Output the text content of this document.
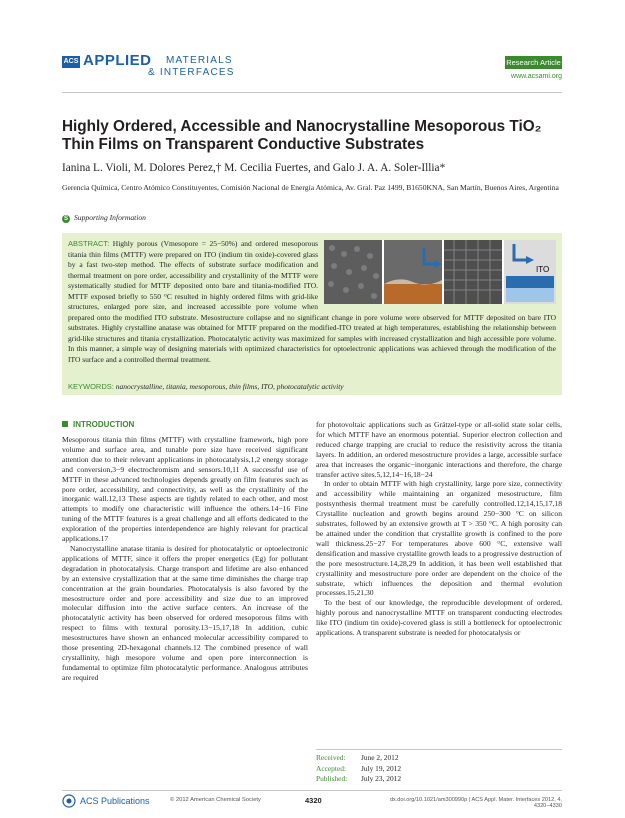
ACS APPLIED MATERIALS
& INTERFACES
Research Article
www.acsami.org
Highly Ordered, Accessible and Nanocrystalline Mesoporous TiO₂ Thin Films on Transparent Conductive Substrates
Ianina L. Violi, M. Dolores Perez,† M. Cecilia Fuertes, and Galo J. A. A. Soler-Illia*
Gerencia Química, Centro Atómico Constituyentes, Comisión Nacional de Energía Atómica, Av. Gral. Paz 1499, B1650KNA, San Martín, Buenos Aires, Argentina
S Supporting Information
ITO
ABSTRACT: Highly porous (Vmesopore = 25−50%) and ordered mesoporous titania thin films (MTTF) were prepared on ITO (indium tin oxide)-covered glass by a fast two-step method. The effects of substrate surface modification and thermal treatment on pore order, accessibility and crystallinity of the MTTF were systematically studied for MTTF deposited onto bare and titania-modified ITO. MTTF exposed briefly to 550 °C resulted in highly ordered films with grid-like structures, enlarged pore size, and increased accessible pore volume when prepared onto the modified ITO substrate. Mesostructure collapse and no significant change in pore volume were observed for MTTF deposited on bare ITO substrates. Highly crystalline anatase was obtained for MTTF prepared on the modified-ITO treated at high temperatures, establishing the relationship between grid-like structures and titania crystallization. Photocatalytic activity was maximized for samples with increased crystallization and high accessible pore volume. In this manner, a simple way of designing materials with optimized characteristics for optoelectronic applications was achieved through the modification of the ITO surface and a controlled thermal treatment.
KEYWORDS: nanocrystalline, titania, mesoporous, thin films, ITO, photocatalytic activity
INTRODUCTION

Mesoporous titania thin films (MTTF) with crystalline framework, high pore volume and surface area, and tunable pore size have received significant attention due to their relevant applications in photocatalysis,1,2 energy storage and conversion,3−9 electrochromism and sensors.10,11 A successful use of MTTF in these advanced technologies depends greatly on film features such as pore order, accessibility, and connectivity, as well as the crystallinity of the inorganic wall.12,13 These aspects are tightly related to each other, and most attempts to modify one characteristic will influence the others.14−16 Fine tuning of the MTTF features is a great challenge and all efforts dedicated to the exploration of the properties interdependence are highly relevant for practical applications.17

Nanocrystalline anatase titania is desired for photocatalytic or optoelectronic applications of MTTF, since it offers the proper energetics (Eg) for pollutant degradation in photocatalysis. Charge transport and lifetime are also enhanced by an extensive crystallization that at the same time diminishes the charge trap concentration at the grain boundaries. Photocatalysis is also favored by the mesostructure order and pore accessibility and size due to an improved molecular diffusion into the active surface centers. An increase of the photocatalytic activity has been observed for ordered mesoporous films with respect to films with textural porosity.13−15,17,18 In addition, cubic mesostructures have shown an enhanced molecular accessibility compared to those presenting 2D-hexagonal channels.12 The combined presence of wall crystallinity, high mesopore volume and open pore interconnection is fundamental to optimize film photocatalytic performance. Analogous attributes are required

for photovoltaic applications such as Grätzel-type or all-solid state solar cells, for which MTTF have an enormous potential. Superior electron collection and reduced charge trapping are crucial to reduce the resistivity across the titania layers. In addition, an ordered mesostructure provides a large, accessible surface area that increases the organic−inorganic interactions and therefore, the charge transfer active sites.5,12,14−16,18−24

In order to obtain MTTF with high crystallinity, large pore size, connectivity and accessibility while maintaining an organized mesostructure, film postsynthesis thermal treatment must be carefully controlled.12,14,15,17,18 Crystallite nucleation and growth begins around 250−300 °C on silicon substrates, followed by an extensive growth at T > 350 °C. A high porosity can be attained under the condition that crystallite growth is confined to the pore wall thickness.25−27 For temperatures above 600 °C, extensive wall densification and massive crystallite growth leads to a progressive destruction of the pore mesostructure.14,28,29 In addition, it has been well established that crystallinity and mesostructure pore order are dependent on the choice of the substrate, which influences the deposition and thermal evolution processes.15,21,30

To the best of our knowledge, the reproducible development of ordered, highly porous and nanocrystalline MTTF on transparent conducting electrodes like ITO (indium tin oxide)-covered glass is still a bottleneck for optoelectronic applications. A transparent substrate is needed for photocatalysis or

Received: June 2, 2012
Accepted: July 19, 2012
Published: July 23, 2012
ACS Publications	© 2012 American Chemical Society	4320	dx.doi.org/10.1021/am300990p | ACS Appl. Mater. Interfaces 2012, 4, 4320−4330
